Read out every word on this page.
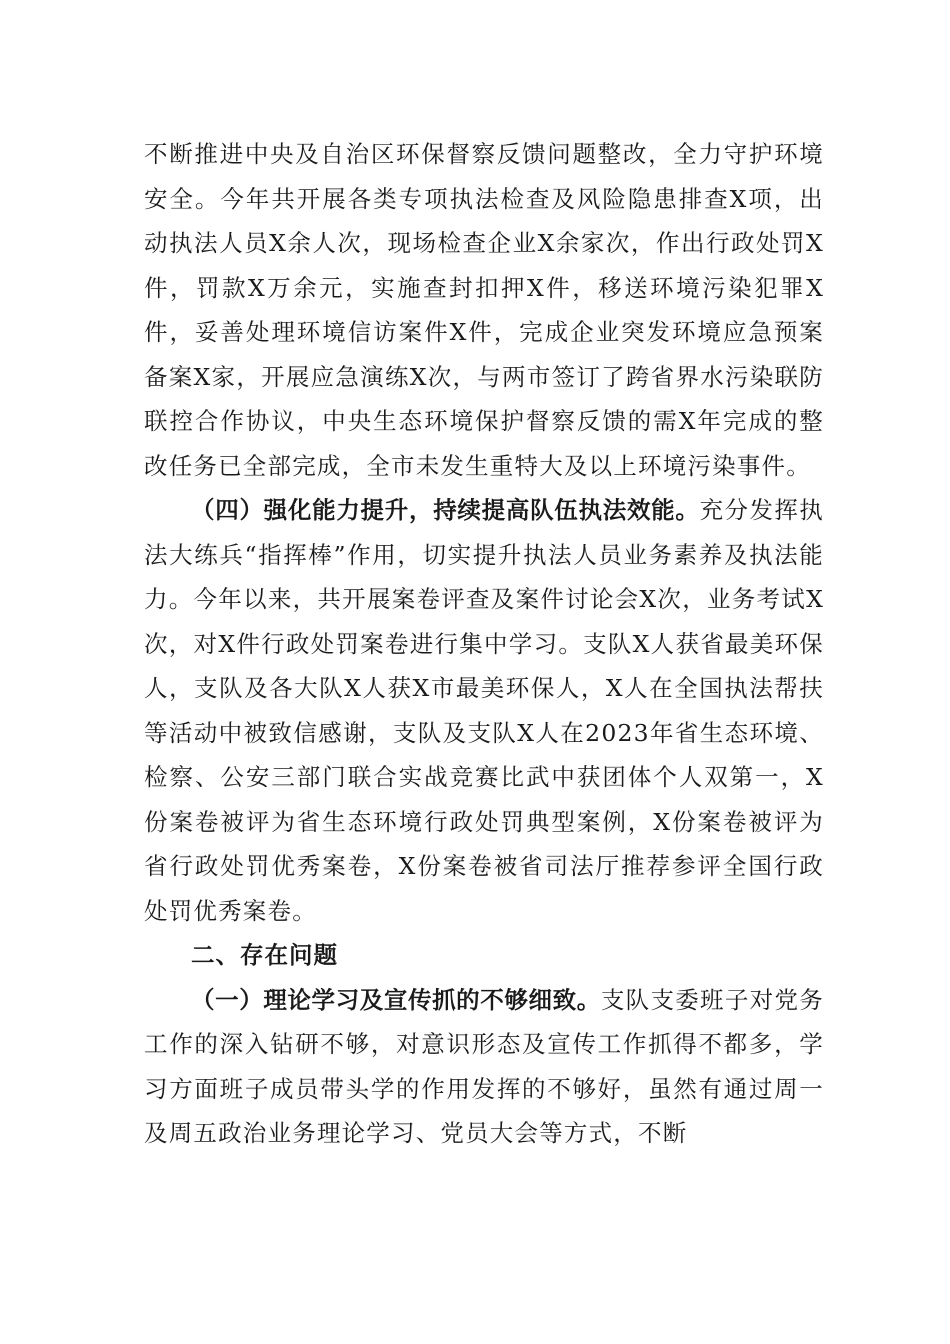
不断推进中央及自治区环保督察反馈问题整改，全力守护环境安全。今年共开展各类专项执法检查及风险隐患排查X项，出动执法人员X余人次，现场检查企业X余家次，作出行政处罚X件，罚款X万余元，实施查封扣押X件，移送环境污染犯罪X件，妥善处理环境信访案件X件，完成企业突发环境应急预案备案X家，开展应急演练X次，与两市签订了跨省界水污染联防联控合作协议，中央生态环境保护督察反馈的需X年完成的整改任务已全部完成，全市未发生重特大及以上环境污染事件。

（四）强化能力提升，持续提高队伍执法效能。充分发挥执法大练兵“指挥棒”作用，切实提升执法人员业务素养及执法能力。今年以来，共开展案卷评查及案件讨论会X次，业务考试X次，对X件行政处罚案卷进行集中学习。支队X人获省最美环保人，支队及各大队X人获X市最美环保人，X人在全国执法帮扶等活动中被致信感谢，支队及支队X人在2023年省生态环境、检察、公安三部门联合实战竞赛比武中获团体个人双第一，X份案卷被评为省生态环境行政处罚典型案例，X份案卷被评为省行政处罚优秀案卷，X份案卷被省司法厅推荐参评全国行政处罚优秀案卷。

二、存在问题

（一）理论学习及宣传抓的不够细致。支队支委班子对党务工作的深入钻研不够，对意识形态及宣传工作抓得不都多，学习方面班子成员带头学的作用发挥的不够好，虽然有通过周一及周五政治业务理论学习、党员大会等方式，不断
